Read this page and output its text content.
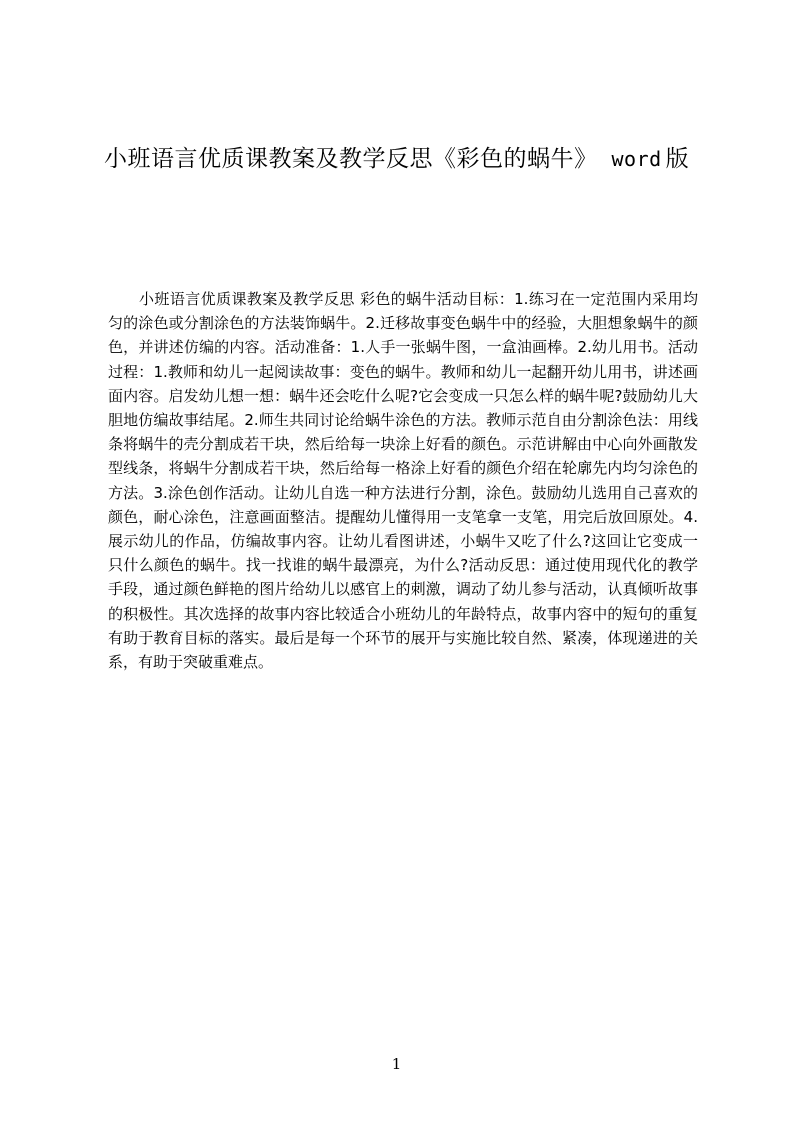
小班语言优质课教案及教学反思《彩色的蜗牛》 word 版

小班语言优质课教案及教学反思 彩色的蜗牛活动目标：1.练习在一定范围内采用均匀的涂色或分割涂色的方法装饰蜗牛。2.迁移故事变色蜗牛中的经验，大胆想象蜗牛的颜色，并讲述仿编的内容。活动准备：1.人手一张蜗牛图，一盒油画棒。2.幼儿用书。活动过程：1.教师和幼儿一起阅读故事：变色的蜗牛。教师和幼儿一起翻开幼儿用书，讲述画面内容。启发幼儿想一想：蜗牛还会吃什么呢?它会变成一只怎么样的蜗牛呢?鼓励幼儿大胆地仿编故事结尾。2.师生共同讨论给蜗牛涂色的方法。教师示范自由分割涂色法：用线条将蜗牛的壳分割成若干块，然后给每一块涂上好看的颜色。示范讲解由中心向外画散发型线条，将蜗牛分割成若干块，然后给每一格涂上好看的颜色介绍在轮廓先内均匀涂色的方法。3.涂色创作活动。让幼儿自选一种方法进行分割，涂色。鼓励幼儿选用自己喜欢的颜色，耐心涂色，注意画面整洁。提醒幼儿懂得用一支笔拿一支笔，用完后放回原处。4.展示幼儿的作品，仿编故事内容。让幼儿看图讲述，小蜗牛又吃了什么?这回让它变成一只什么颜色的蜗牛。找一找谁的蜗牛最漂亮，为什么?活动反思：通过使用现代化的教学手段，通过颜色鲜艳的图片给幼儿以感官上的刺激，调动了幼儿参与活动，认真倾听故事的积极性。其次选择的故事内容比较适合小班幼儿的年龄特点，故事内容中的短句的重复有助于教育目标的落实。最后是每一个环节的展开与实施比较自然、紧凑，体现递进的关系，有助于突破重难点。

1
